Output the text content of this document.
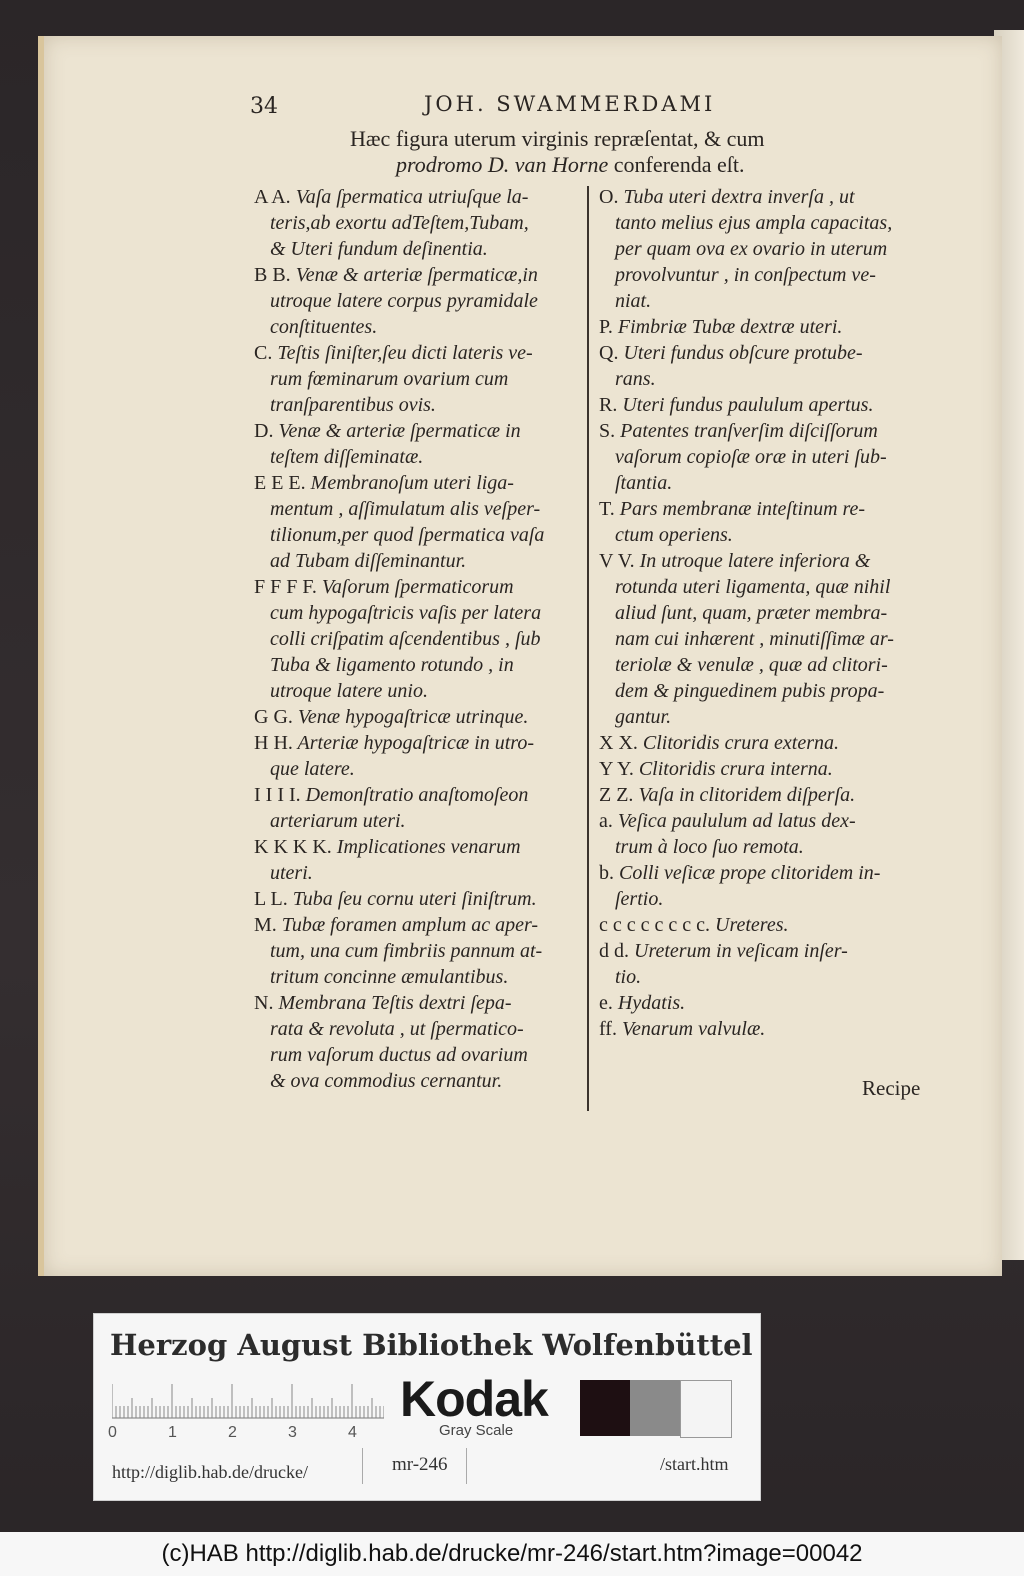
34	JOH. SWAMMERDAMI
Hæc figura uterum virginis repræſentat, & cum
prodromo D. van Horne conferenda eſt.
A A. Vaſa ſpermatica utriuſque la-
teris,ab exortu adTeſtem,Tubam,
& Uteri fundum deſinentia.
B B. Venæ & arteriæ ſpermaticæ,in
utroque latere corpus pyramidale
conſtituentes.
C. Teſtis ſiniſter,ſeu dicti lateris ve-
rum fœminarum ovarium cum
tranſparentibus ovis.
D. Venæ & arteriæ ſpermaticæ in
teſtem diſſeminatæ.
E E E. Membranoſum uteri liga-
mentum , aſſimulatum alis veſper-
tilionum,per quod ſpermatica vaſa
ad Tubam diſſeminantur.
F F F F. Vaſorum ſpermaticorum
cum hypogaſtricis vaſis per latera
colli criſpatim aſcendentibus , ſub
Tuba & ligamento rotundo , in
utroque latere unio.
G G. Venæ hypogaſtricæ utrinque.
H H. Arteriæ hypogaſtricæ in utro-
que latere.
I I I I. Demonſtratio anaſtomoſeon
arteriarum uteri.
K K K K. Implicationes venarum
uteri.
L L. Tuba ſeu cornu uteri ſiniſtrum.
M. Tubæ foramen amplum ac aper-
tum, una cum fimbriis pannum at-
tritum concinne æmulantibus.
N. Membrana Teſtis dextri ſepa-
rata & revoluta , ut ſpermatico-
rum vaſorum ductus ad ovarium
& ova commodius cernantur.
O. Tuba uteri dextra inverſa , ut
tanto melius ejus ampla capacitas,
per quam ova ex ovario in uterum
provolvuntur , in conſpectum ve-
niat.
P. Fimbriæ Tubæ dextræ uteri.
Q. Uteri fundus obſcure protube-
rans.
R. Uteri fundus paululum apertus.
S. Patentes tranſverſim diſciſſorum
vaſorum copioſæ oræ in uteri ſub-
ſtantia.
T. Pars membranæ inteſtinum re-
ctum operiens.
V V. In utroque latere inferiora &
rotunda uteri ligamenta, quæ nihil
aliud ſunt, quam, præter membra-
nam cui inhærent , minutiſſimæ ar-
teriolæ & venulæ , quæ ad clitori-
dem & pinguedinem pubis propa-
gantur.
X X. Clitoridis crura externa.
Y Y. Clitoridis crura interna.
Z Z. Vaſa in clitoridem diſperſa.
a. Veſica paululum ad latus dex-
trum à loco ſuo remota.
b. Colli veſicæ prope clitoridem in-
ſertio.
c c c c c c c c. Ureteres.
d d. Ureterum in veſicam inſer-
tio.
e. Hydatis.
ff. Venarum valvulæ.
Recipe
Herzog August Bibliothek Wolfenbüttel
0	1	2	3	4
Kodak
Gray Scale
http://diglib.hab.de/drucke/	mr-246	/start.htm
(c)HAB http://diglib.hab.de/drucke/mr-246/start.htm?image=00042
